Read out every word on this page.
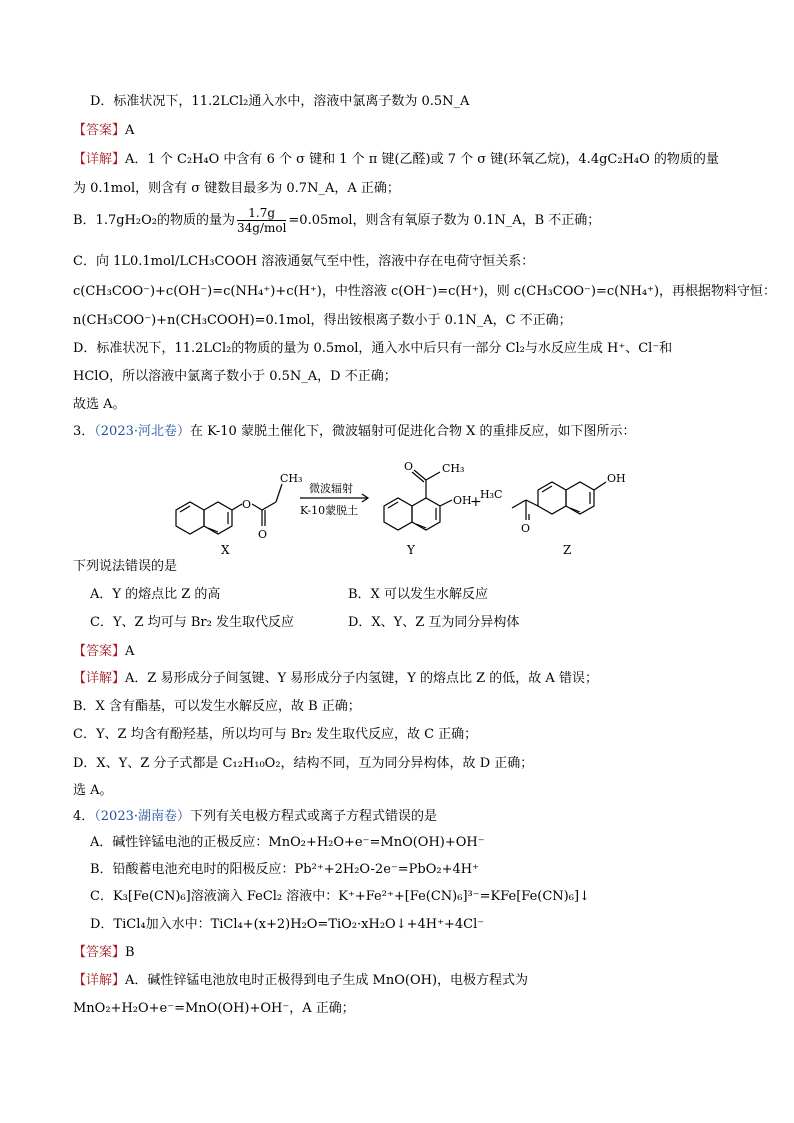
D．标准状况下，11.2LCl₂通入水中，溶液中氯离子数为 0.5N_A
【答案】A
【详解】A．1 个 C₂H₄O 中含有 6 个 σ 键和 1 个 π 键(乙醛)或 7 个 σ 键(环氧乙烷)，4.4gC₂H₄O 的物质的量
为 0.1mol，则含有 σ 键数目最多为 0.7N_A，A 正确；
B．1.7gH₂O₂的物质的量为 $\frac{1.7g}{\text{34g/mol}} =0.05mol$，则含有氧原子数为 0.1N_A，B 不正确；
C．向 1L0.1mol/LCH₃COOH 溶液通氨气至中性，溶液中存在电荷守恒关系：
c(CH₃COO⁻)+c(OH⁻)=c(NH₄⁺)+c(H⁺)，中性溶液 c(OH⁻)=c(H⁺)，则 c(CH₃COO⁻)=c(NH₄⁺)，再根据物料守恒：
n(CH₃COO⁻)+n(CH₃COOH)=0.1mol，得出铵根离子数小于 0.1N_A，C 不正确；
D．标准状况下，11.2LCl₂的物质的量为 0.5mol，通入水中后只有一部分 Cl₂与水反应生成 H⁺、Cl⁻和
HClO，所以溶液中氯离子数小于 0.5N_A，D 不正确；
故选 A。
3．（2023·河北卷）在 K-10 蒙脱土催化下，微波辐射可促进化合物 X 的重排反应，如下图所示：
O
O
CH₃
微波辐射
K-10蒙脱土
O	CH₃
OH
+
H₃C
O
OH
X	Y	Z
下列说法错误的是
A．Y 的熔点比 Z 的高	B．X 可以发生水解反应
C．Y、Z 均可与 Br₂ 发生取代反应	D．X、Y、Z 互为同分异构体
【答案】A
【详解】A．Z 易形成分子间氢键、Y 易形成分子内氢键，Y 的熔点比 Z 的低，故 A 错误；
B．X 含有酯基，可以发生水解反应，故 B 正确；
C．Y、Z 均含有酚羟基，所以均可与 Br₂ 发生取代反应，故 C 正确；
D．X、Y、Z 分子式都是 C₁₂H₁₀O₂，结构不同，互为同分异构体，故 D 正确；
选 A。
4．（2023·湖南卷）下列有关电极方程式或离子方程式错误的是
A．碱性锌锰电池的正极反应：MnO₂+H₂O+e⁻=MnO(OH)+OH⁻
B．铅酸蓄电池充电时的阳极反应：Pb²⁺+2H₂O-2e⁻=PbO₂+4H⁺
C．K₃[Fe(CN)₆]溶液滴入 FeCl₂ 溶液中：K⁺+Fe²⁺+[Fe(CN)₆]³⁻=KFe[Fe(CN)₆]↓
D．TiCl₄加入水中：TiCl₄+(x+2)H₂O=TiO₂·xH₂O↓+4H⁺+4Cl⁻
【答案】B
【详解】A．碱性锌锰电池放电时正极得到电子生成 MnO(OH)，电极方程式为
MnO₂+H₂O+e⁻=MnO(OH)+OH⁻，A 正确；
